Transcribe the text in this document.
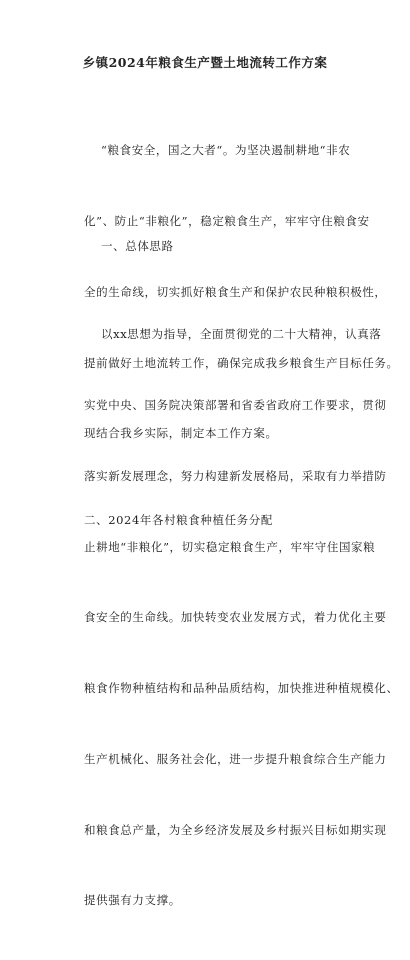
乡镇2024年粮食生产暨土地流转工作方案

“粮食安全，国之大者“。为坚决遏制耕地“非农

化”、防止“非粮化”，稳定粮食生产，牢牢守住粮食安

全的生命线，切实抓好粮食生产和保护农民种粮积极性，

提前做好土地流转工作，确保完成我乡粮食生产目标任务。

现结合我乡实际，制定本工作方案。

一、总体思路

以xx思想为指导，全面贯彻党的二十大精神，认真落

实党中央、国务院决策部署和省委省政府工作要求，贯彻

落实新发展理念，努力构建新发展格局，采取有力举措防

止耕地“非粮化”，切实稳定粮食生产，牢牢守住国家粮

食安全的生命线。加快转变农业发展方式，着力优化主要

粮食作物种植结构和品种品质结构，加快推进种植规模化、

生产机械化、服务社会化，进一步提升粮食综合生产能力

和粮食总产量，为全乡经济发展及乡村振兴目标如期实现

提供强有力支撑。

二、2024年各村粮食种植任务分配
